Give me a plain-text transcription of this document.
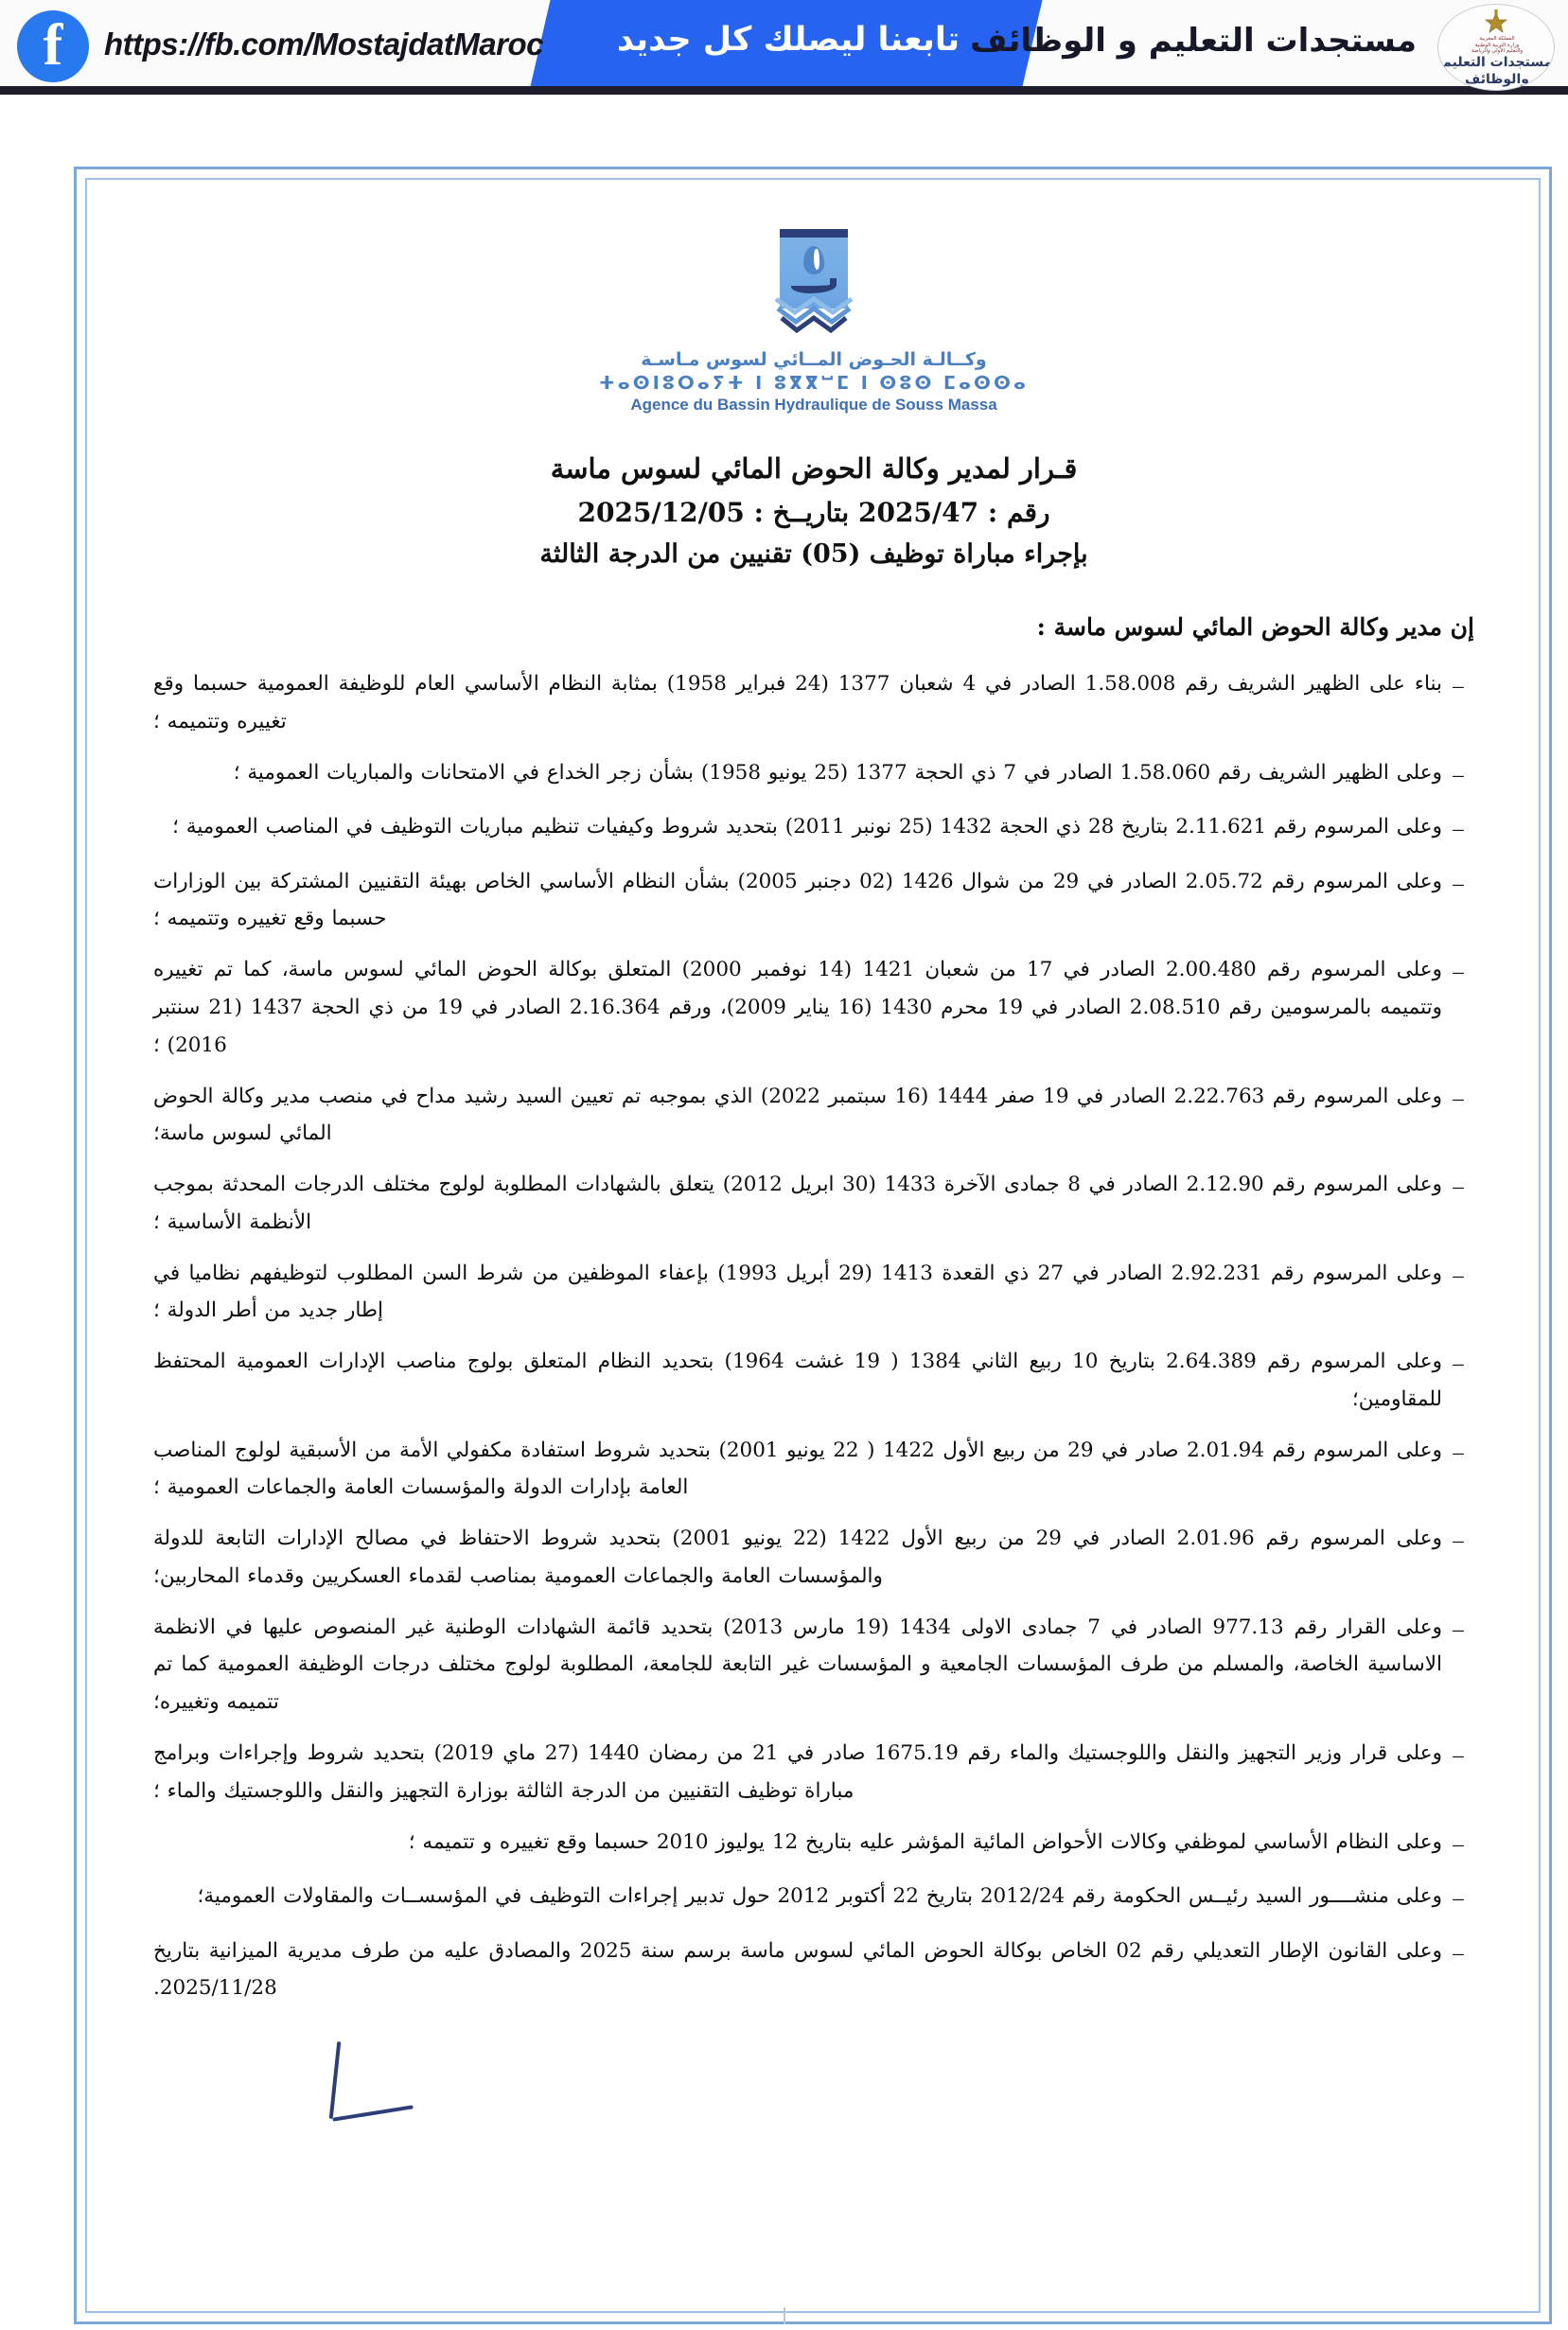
f	https://fb.com/MostajdatMaroc	تابعنا ليصلك كل جديد مستجدات التعليم و الوظائف	المملكة المغربية
وزارة التربية الوطنية
والتعليم الأولي والرياضة
مستجدات التعليم
والوظائف
وكــالـة الحـوض المــائي لسوس مـاسـة
ⵜⴰⵙⵏⵓⵔⴰⵢⵜ ⵏ ⵓⴳⴳⵯⵎ ⵏ ⵙⵓⵙ ⵎⴰⵙⵙⴰ
Agence du Bassin Hydraulique de Souss Massa
قـرار لمدير وكالة الحوض المائي لسوس ماسة
رقم : 2025/47 بتاريــخ : 2025/12/05
بإجراء مباراة توظيف (05) تقنيين من الدرجة الثالثة
إن مدير وكالة الحوض المائي لسوس ماسة :
–
بناء على الظهير الشريف رقم 1.58.008 الصادر في 4 شعبان 1377 (24 فبراير 1958) بمثابة النظام الأساسي العام للوظيفة العمومية حسبما وقع تغييره وتتميمه ؛
–
وعلى الظهير الشريف رقم 1.58.060 الصادر في 7 ذي الحجة 1377 (25 يونيو 1958) بشأن زجر الخداع في الامتحانات والمباريات العمومية ؛
–
وعلى المرسوم رقم 2.11.621 بتاريخ 28 ذي الحجة 1432 (25 نونبر 2011) بتحديد شروط وكيفيات تنظيم مباريات التوظيف في المناصب العمومية ؛
–
وعلى المرسوم رقم 2.05.72 الصادر في 29 من شوال 1426 (02 دجنبر 2005) بشأن النظام الأساسي الخاص بهيئة التقنيين المشتركة بين الوزارات حسبما وقع تغييره وتتميمه ؛
–
وعلى المرسوم رقم 2.00.480 الصادر في 17 من شعبان 1421 (14 نوفمبر 2000) المتعلق بوكالة الحوض المائي لسوس ماسة، كما تم تغييره وتتميمه بالمرسومين رقم 2.08.510 الصادر في 19 محرم 1430 (16 يناير 2009)، ورقم 2.16.364 الصادر في 19 من ذي الحجة 1437 (21 سنتبر 2016) ؛
–
وعلى المرسوم رقم 2.22.763 الصادر في 19 صفر 1444 (16 سبتمبر 2022) الذي بموجبه تم تعيين السيد رشيد مداح في منصب مدير وكالة الحوض المائي لسوس ماسة؛
–
وعلى المرسوم رقم 2.12.90 الصادر في 8 جمادى الآخرة 1433 (30 ابريل 2012) يتعلق بالشهادات المطلوبة لولوج مختلف الدرجات المحدثة بموجب الأنظمة الأساسية ؛
–
وعلى المرسوم رقم 2.92.231 الصادر في 27 ذي القعدة 1413 (29 أبريل 1993) بإعفاء الموظفين من شرط السن المطلوب لتوظيفهم نظاميا في إطار جديد من أطر الدولة ؛
–
وعلى المرسوم رقم 2.64.389 بتاريخ 10 ربيع الثاني 1384 ( 19 غشت 1964) بتحديد النظام المتعلق بولوج مناصب الإدارات العمومية المحتفظ للمقاومين؛
–
وعلى المرسوم رقم 2.01.94 صادر في 29 من ربيع الأول 1422 ( 22 يونيو 2001) بتحديد شروط استفادة مكفولي الأمة من الأسبقية لولوج المناصب العامة بإدارات الدولة والمؤسسات العامة والجماعات العمومية ؛
–
وعلى المرسوم رقم 2.01.96 الصادر في 29 من ربيع الأول 1422 (22 يونيو 2001) بتحديد شروط الاحتفاظ في مصالح الإدارات التابعة للدولة والمؤسسات العامة والجماعات العمومية بمناصب لقدماء العسكريين وقدماء المحاربين؛
–
وعلى القرار رقم 977.13 الصادر في 7 جمادى الاولى 1434 (19 مارس 2013) بتحديد قائمة الشهادات الوطنية غير المنصوص عليها في الانظمة الاساسية الخاصة، والمسلم من طرف المؤسسات الجامعية و المؤسسات غير التابعة للجامعة، المطلوبة لولوج مختلف درجات الوظيفة العمومية كما تم تتميمه وتغييره؛
–
وعلى قرار وزير التجهيز والنقل واللوجستيك والماء رقم 1675.19 صادر في 21 من رمضان 1440 (27 ماي 2019) بتحديد شروط وإجراءات وبرامج مباراة توظيف التقنيين من الدرجة الثالثة بوزارة التجهيز والنقل واللوجستيك والماء ؛
–
وعلى النظام الأساسي لموظفي وكالات الأحواض المائية المؤشر عليه بتاريخ 12 يوليوز 2010 حسبما وقع تغييره و تتميمه ؛
–
وعلى منشــــور السيد رئيــس الحكومة رقم 2012/24 بتاريخ 22 أكتوبر 2012 حول تدبير إجراءات التوظيف في المؤسســات والمقاولات العمومية؛
–
وعلى القانون الإطار التعديلي رقم 02 الخاص بوكالة الحوض المائي لسوس ماسة برسم سنة 2025 والمصادق عليه من طرف مديرية الميزانية بتاريخ 2025/11/28.
